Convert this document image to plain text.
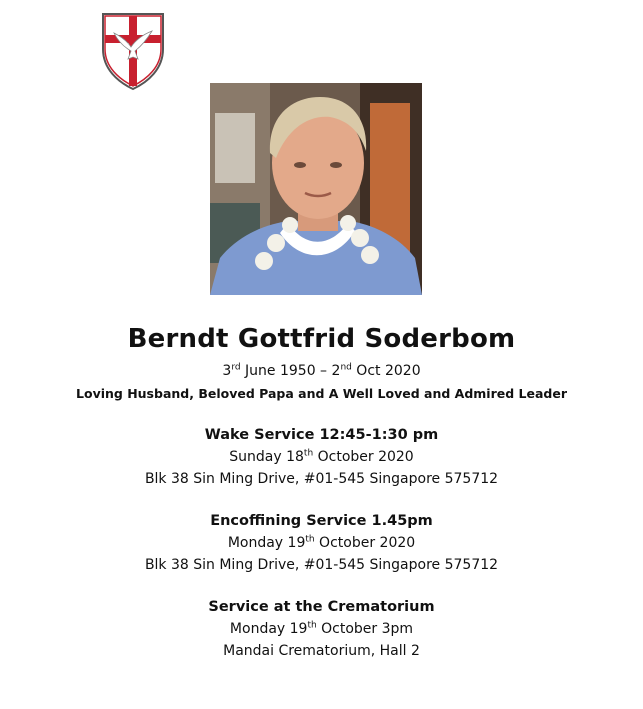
Berndt Gottfrid Soderbom
3rd June 1950 – 2nd Oct 2020
Loving Husband, Beloved Papa and A Well Loved and Admired Leader
Wake Service 12:45-1:30 pm
Sunday 18th October 2020
Blk 38 Sin Ming Drive, #01-545 Singapore 575712
Encoffining Service 1.45pm
Monday 19th October 2020
Blk 38 Sin Ming Drive, #01-545 Singapore 575712
Service at the Crematorium
Monday 19th October 3pm
Mandai Crematorium, Hall 2
